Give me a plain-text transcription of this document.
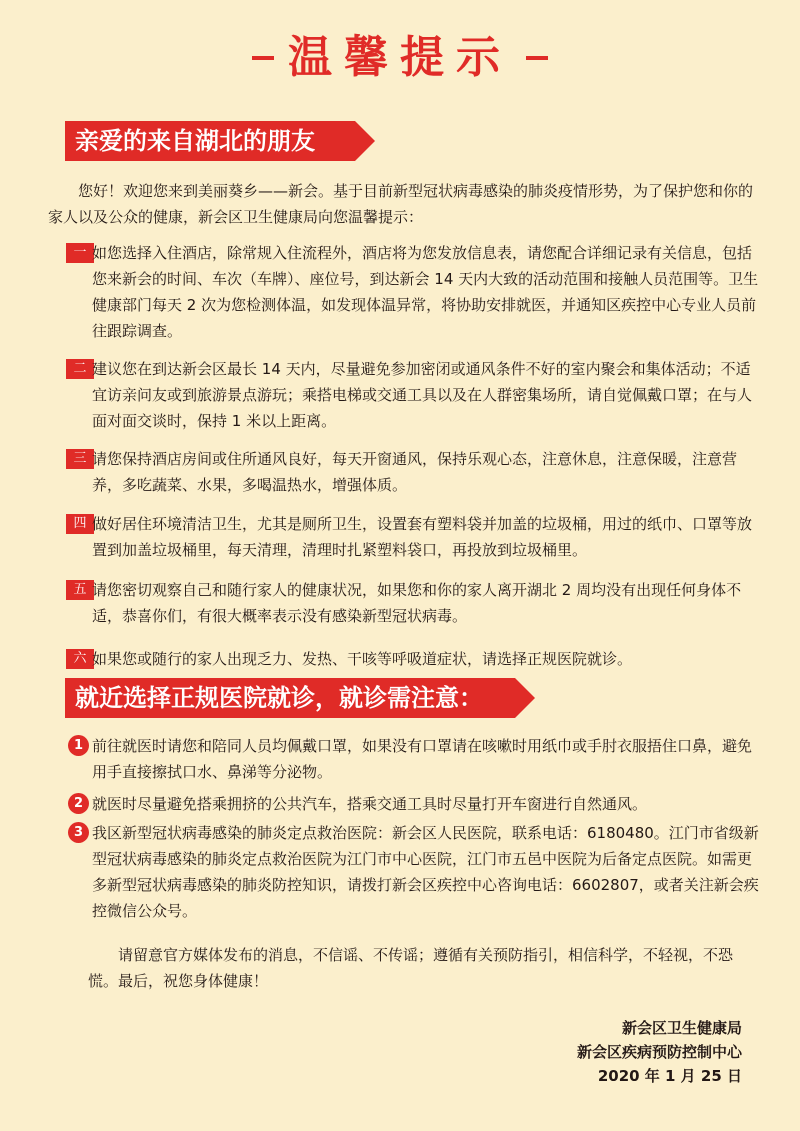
温馨提示
亲爱的来自湖北的朋友

您好！欢迎您来到美丽葵乡——新会。基于目前新型冠状病毒感染的肺炎疫情形势，为了保护您和你的家人以及公众的健康，新会区卫生健康局向您温馨提示：

一 如您选择入住酒店，除常规入住流程外，酒店将为您发放信息表，请您配合详细记录有关信息，包括您来新会的时间、车次（车牌）、座位号，到达新会 14 天内大致的活动范围和接触人员范围等。卫生健康部门每天 2 次为您检测体温，如发现体温异常，将协助安排就医，并通知区疾控中心专业人员前往跟踪调查。

二 建议您在到达新会区最长 14 天内，尽量避免参加密闭或通风条件不好的室内聚会和集体活动；不适宜访亲问友或到旅游景点游玩；乘搭电梯或交通工具以及在人群密集场所，请自觉佩戴口罩；在与人面对面交谈时，保持 1 米以上距离。

三 请您保持酒店房间或住所通风良好，每天开窗通风，保持乐观心态，注意休息，注意保暖，注意营养，多吃蔬菜、水果，多喝温热水，增强体质。

四 做好居住环境清洁卫生，尤其是厕所卫生，设置套有塑料袋并加盖的垃圾桶，用过的纸巾、口罩等放置到加盖垃圾桶里，每天清理，清理时扎紧塑料袋口，再投放到垃圾桶里。

五 请您密切观察自己和随行家人的健康状况，如果您和你的家人离开湖北 2 周均没有出现任何身体不适，恭喜你们，有很大概率表示没有感染新型冠状病毒。

六 如果您或随行的家人出现乏力、发热、干咳等呼吸道症状，请选择正规医院就诊。

就近选择正规医院就诊，就诊需注意：
1 前往就医时请您和陪同人员均佩戴口罩，如果没有口罩请在咳嗽时用纸巾或手肘衣服捂住口鼻，避免用手直接擦拭口水、鼻涕等分泌物。

2 就医时尽量避免搭乘拥挤的公共汽车，搭乘交通工具时尽量打开车窗进行自然通风。

3 我区新型冠状病毒感染的肺炎定点救治医院：新会区人民医院，联系电话：6180480。江门市省级新型冠状病毒感染的肺炎定点救治医院为江门市中心医院，江门市五邑中医院为后备定点医院。如需更多新型冠状病毒感染的肺炎防控知识，请拨打新会区疾控中心咨询电话：6602807，或者关注新会疾控微信公众号。

请留意官方媒体发布的消息，不信谣、不传谣；遵循有关预防指引，相信科学，不轻视，不恐慌。最后，祝您身体健康！

新会区卫生健康局
新会区疾病预防控制中心
2020 年 1 月 25 日
